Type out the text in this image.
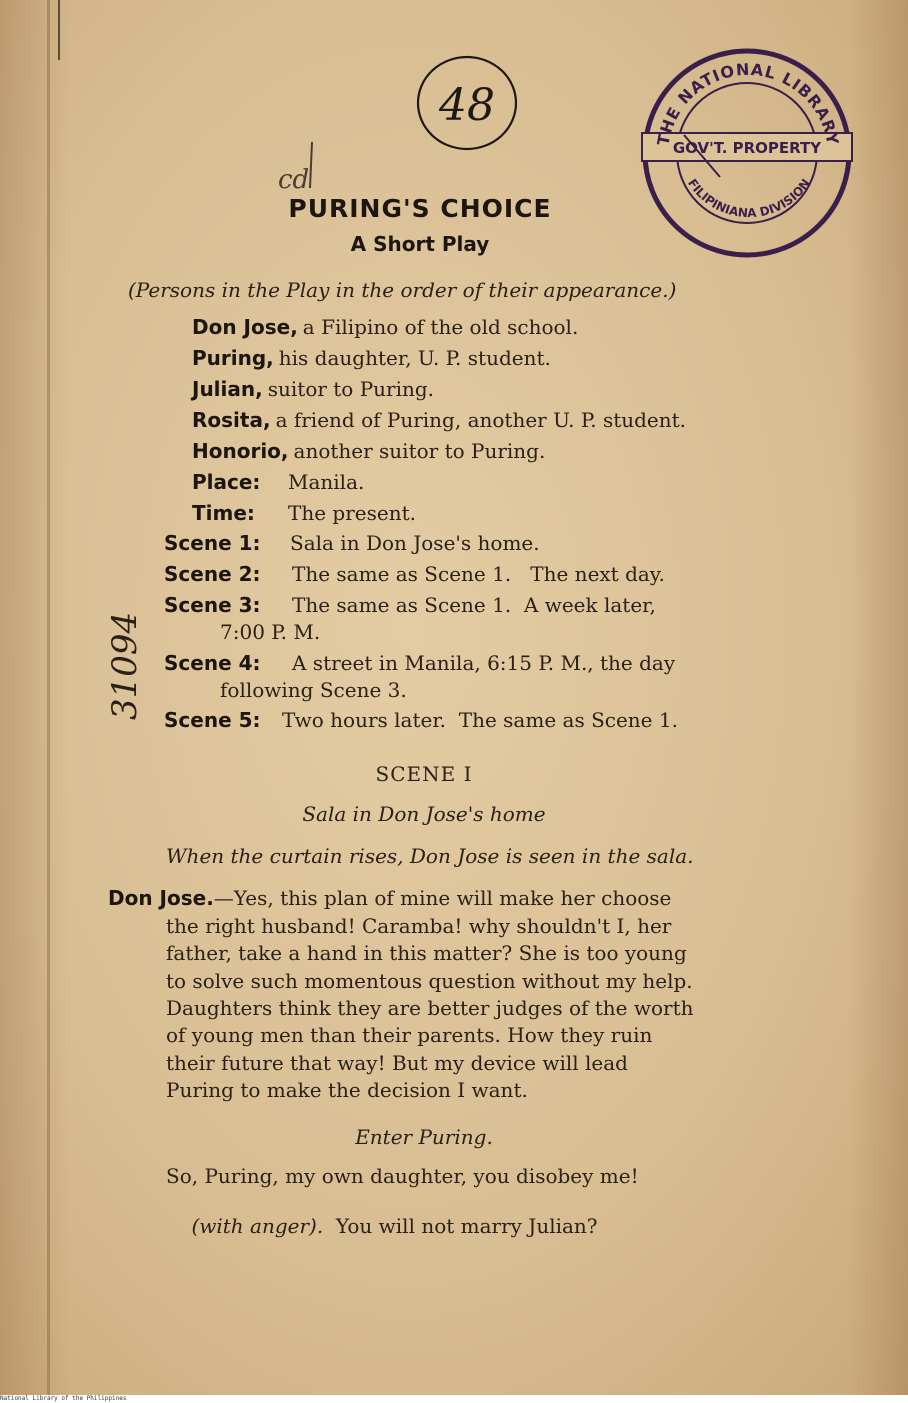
48
cd
THE NATIONAL LIBRARY
GOV'T. PROPERTY
FILIPINIANA DIVISION
31094
PURING'S CHOICE
A Short Play
(Persons in the Play in the order of their appearance.)
Don Jose, a Filipino of the old school.
Puring, his daughter, U. P. student.
Julian, suitor to Puring.
Rosita, a friend of Puring, another U. P. student.
Honorio, another suitor to Puring.
Place: Manila.
Time: The present.
Scene 1: Sala in Don Jose's home.
Scene 2: The same as Scene 1.   The next day.
Scene 3: The same as Scene 1.  A week later,
7:00 P. M.
Scene 4: A street in Manila, 6:15 P. M., the day
following Scene 3.
Scene 5: Two hours later.  The same as Scene 1.
SCENE I
Sala in Don Jose's home
When the curtain rises, Don Jose is seen in the sala.
Don Jose.—Yes, this plan of mine will make her choose
the right husband! Caramba! why shouldn't I, her
father, take a hand in this matter? She is too young
to solve such momentous question without my help.
Daughters think they are better judges of the worth
of young men than their parents. How they ruin
their future that way! But my device will lead
Puring to make the decision I want.
Enter Puring.
So, Puring, my own daughter, you disobey me!

(with anger).  You will not marry Julian?

National Library of the Philippines
